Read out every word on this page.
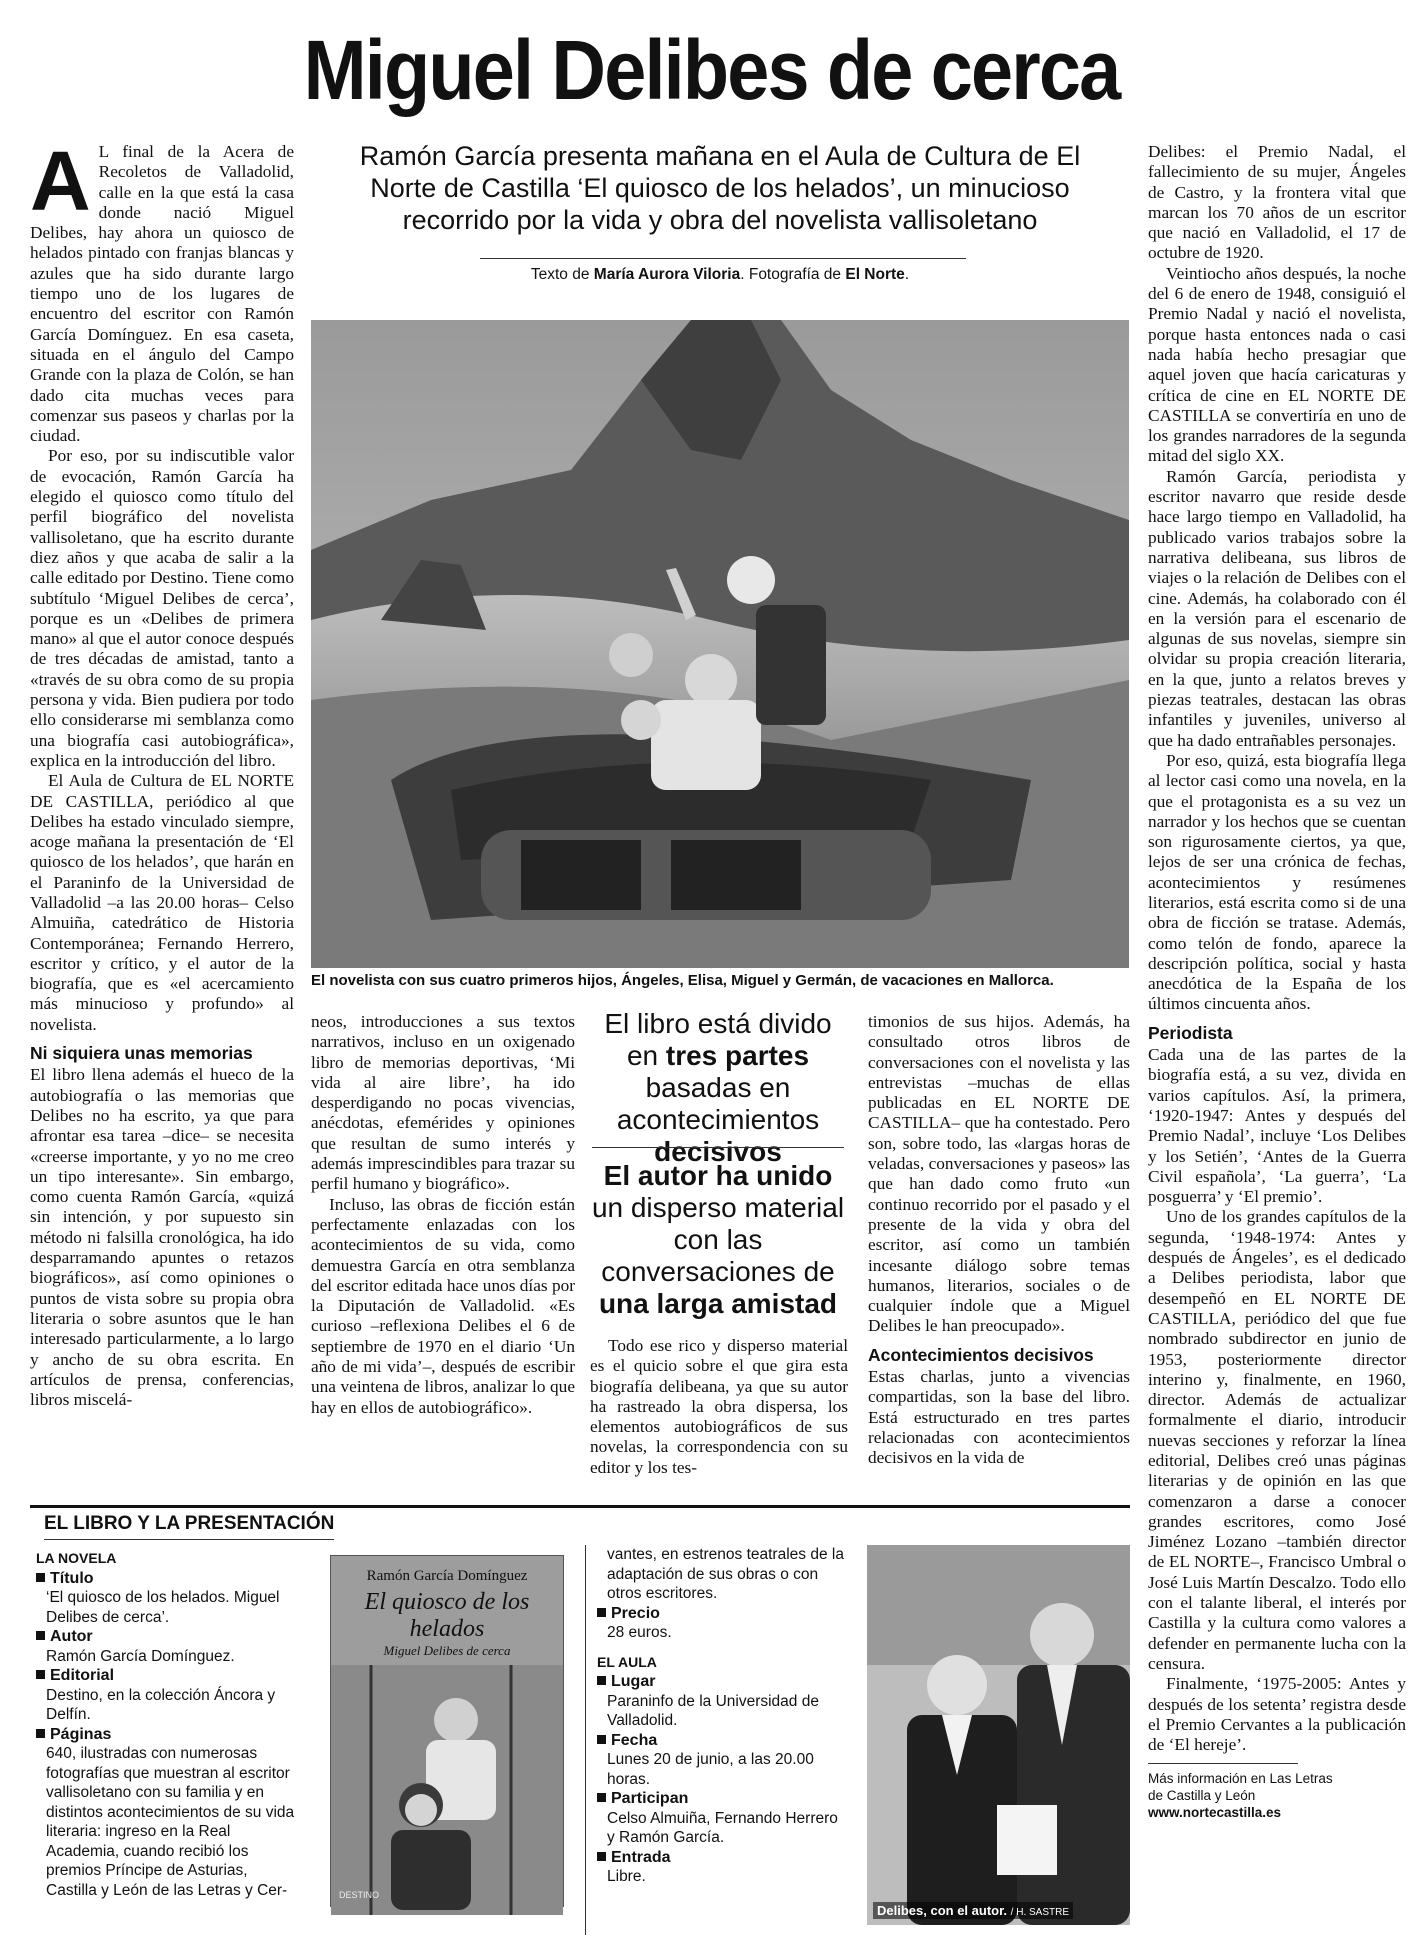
Miguel Delibes de cerca
Ramón García presenta mañana en el Aula de Cultura de El Norte de Castilla ‘El quiosco de los helados’, un minucioso recorrido por la vida y obra del novelista vallisoletano
Texto de María Aurora Viloria. Fotografía de El Norte.
El novelista con sus cuatro primeros hijos, Ángeles, Elisa, Miguel y Germán, de vacaciones en Mallorca.

A L final de la Acera de Recoletos de Valladolid, calle en la que está la casa donde nació Miguel Delibes, hay ahora un quiosco de helados pintado con franjas blancas y azules que ha sido durante largo tiempo uno de los lugares de encuentro del escritor con Ramón García Domínguez. En esa caseta, situada en el ángulo del Campo Grande con la plaza de Colón, se han dado cita muchas veces para comenzar sus paseos y charlas por la ciudad.

Por eso, por su indiscutible valor de evocación, Ramón García ha elegido el quiosco como título del perfil biográfico del novelista vallisoletano, que ha escrito durante diez años y que acaba de salir a la calle editado por Destino. Tiene como subtítulo ‘Miguel Delibes de cerca’, porque es un «Delibes de primera mano» al que el autor conoce después de tres décadas de amistad, tanto a «través de su obra como de su propia persona y vida. Bien pudiera por todo ello considerarse mi semblanza como una biografía casi autobiográfica», explica en la introducción del libro.

El Aula de Cultura de EL NORTE DE CASTILLA, periódico al que Delibes ha estado vinculado siempre, acoge mañana la presentación de ‘El quiosco de los helados’, que harán en el Paraninfo de la Universidad de Valladolid –a las 20.00 horas– Celso Almuiña, catedrático de Historia Contemporánea; Fernando Herrero, escritor y crítico, y el autor de la biografía, que es «el acercamiento más minucioso y profundo» al novelista.

Ni siquiera unas memorias

El libro llena además el hueco de la autobiografía o las memorias que Delibes no ha escrito, ya que para afrontar esa tarea –dice– se necesita «creerse importante, y yo no me creo un tipo interesante». Sin embargo, como cuenta Ramón García, «quizá sin intención, y por supuesto sin método ni falsilla cronológica, ha ido desparramando apuntes o retazos biográficos», así como opiniones o puntos de vista sobre su propia obra literaria o sobre asuntos que le han interesado particularmente, a lo largo y ancho de su obra escrita. En artículos de prensa, conferencias, libros miscelá-

neos, introducciones a sus textos narrativos, incluso en un oxigenado libro de memorias deportivas, ‘Mi vida al aire libre’, ha ido desperdigando no pocas vivencias, anécdotas, efemérides y opiniones que resultan de sumo interés y además imprescindibles para trazar su perfil humano y biográfico».

Incluso, las obras de ficción están perfectamente enlazadas con los acontecimientos de su vida, como demuestra García en otra semblanza del escritor editada hace unos días por la Diputación de Valladolid. «Es curioso –reflexiona Delibes el 6 de septiembre de 1970 en el diario ‘Un año de mi vida’–, después de escribir una veintena de libros, analizar lo que hay en ellos de autobiográfico».

El libro está divido en tres partes basadas en acontecimientos decisivos
El autor ha unido un disperso material con las conversaciones de una larga amistad

Todo ese rico y disperso material es el quicio sobre el que gira esta biografía delibeana, ya que su autor ha rastreado la obra dispersa, los elementos autobiográficos de sus novelas, la correspondencia con su editor y los tes-

timonios de sus hijos. Además, ha consultado otros libros de conversaciones con el novelista y las entrevistas –muchas de ellas publicadas en EL NORTE DE CASTILLA– que ha contestado. Pero son, sobre todo, las «largas horas de veladas, conversaciones y paseos» las que han dado como fruto «un continuo recorrido por el pasado y el presente de la vida y obra del escritor, así como un también incesante diálogo sobre temas humanos, literarios, sociales o de cualquier índole que a Miguel Delibes le han preocupado».

Acontecimientos decisivos

Estas charlas, junto a vivencias compartidas, son la base del libro. Está estructurado en tres partes relacionadas con acontecimientos decisivos en la vida de

Delibes: el Premio Nadal, el fallecimiento de su mujer, Ángeles de Castro, y la frontera vital que marcan los 70 años de un escritor que nació en Valladolid, el 17 de octubre de 1920.

Veintiocho años después, la noche del 6 de enero de 1948, consiguió el Premio Nadal y nació el novelista, porque hasta entonces nada o casi nada había hecho presagiar que aquel joven que hacía caricaturas y crítica de cine en EL NORTE DE CASTILLA se convertiría en uno de los grandes narradores de la segunda mitad del siglo XX.

Ramón García, periodista y escritor navarro que reside desde hace largo tiempo en Valladolid, ha publicado varios trabajos sobre la narrativa delibeana, sus libros de viajes o la relación de Delibes con el cine. Además, ha colaborado con él en la versión para el escenario de algunas de sus novelas, siempre sin olvidar su propia creación literaria, en la que, junto a relatos breves y piezas teatrales, destacan las obras infantiles y juveniles, universo al que ha dado entrañables personajes.

Por eso, quizá, esta biografía llega al lector casi como una novela, en la que el protagonista es a su vez un narrador y los hechos que se cuentan son rigurosamente ciertos, ya que, lejos de ser una crónica de fechas, acontecimientos y resúmenes literarios, está escrita como si de una obra de ficción se tratase. Además, como telón de fondo, aparece la descripción política, social y hasta anecdótica de la España de los últimos cincuenta años.

Periodista

Cada una de las partes de la biografía está, a su vez, divida en varios capítulos. Así, la primera, ‘1920-1947: Antes y después del Premio Nadal’, incluye ‘Los Delibes y los Setién’, ‘Antes de la Guerra Civil española’, ‘La guerra’, ‘La posguerra’ y ‘El premio’.

Uno de los grandes capítulos de la segunda, ‘1948-1974: Antes y después de Ángeles’, es el dedicado a Delibes periodista, labor que desempeñó en EL NORTE DE CASTILLA, periódico del que fue nombrado subdirector en junio de 1953, posteriormente director interino y, finalmente, en 1960, director. Además de actualizar formalmente el diario, introducir nuevas secciones y reforzar la línea editorial, Delibes creó unas páginas literarias y de opinión en las que comenzaron a darse a conocer grandes escritores, como José Jiménez Lozano –también director de EL NORTE–, Francisco Umbral o José Luis Martín Descalzo. Todo ello con el talante liberal, el interés por Castilla y la cultura como valores a defender en permanente lucha con la censura.

Finalmente, ‘1975-2005: Antes y después de los setenta’ registra desde el Premio Cervantes a la publicación de ‘El hereje’.

Más información en Las Letras
de Castilla y León
www.nortecastilla.es
EL LIBRO Y LA PRESENTACIÓN
LA NOVELA
Título
‘El quiosco de los helados. Miguel Delibes de cerca’.
Autor
Ramón García Domínguez.
Editorial
Destino, en la colección Áncora y Delfín.
Páginas
640, ilustradas con numerosas fotografías que muestran al escritor vallisoletano con su familia y en distintos acontecimientos de su vida literaria: ingreso en la Real Academia, cuando recibió los premios Príncipe de Asturias, Castilla y León de las Letras y Cer-
Ramón García Domínguez
El quiosco de los helados
Miguel Delibes de cerca
DESTINO
vantes, en estrenos teatrales de la adaptación de sus obras o con otros escritores.
Precio
28 euros.
EL AULA
Lugar
Paraninfo de la Universidad de Valladolid.
Fecha
Lunes 20 de junio, a las 20.00 horas.
Participan
Celso Almuiña, Fernando Herrero y Ramón García.
Entrada
Libre.
Delibes, con el autor. / H. SASTRE
